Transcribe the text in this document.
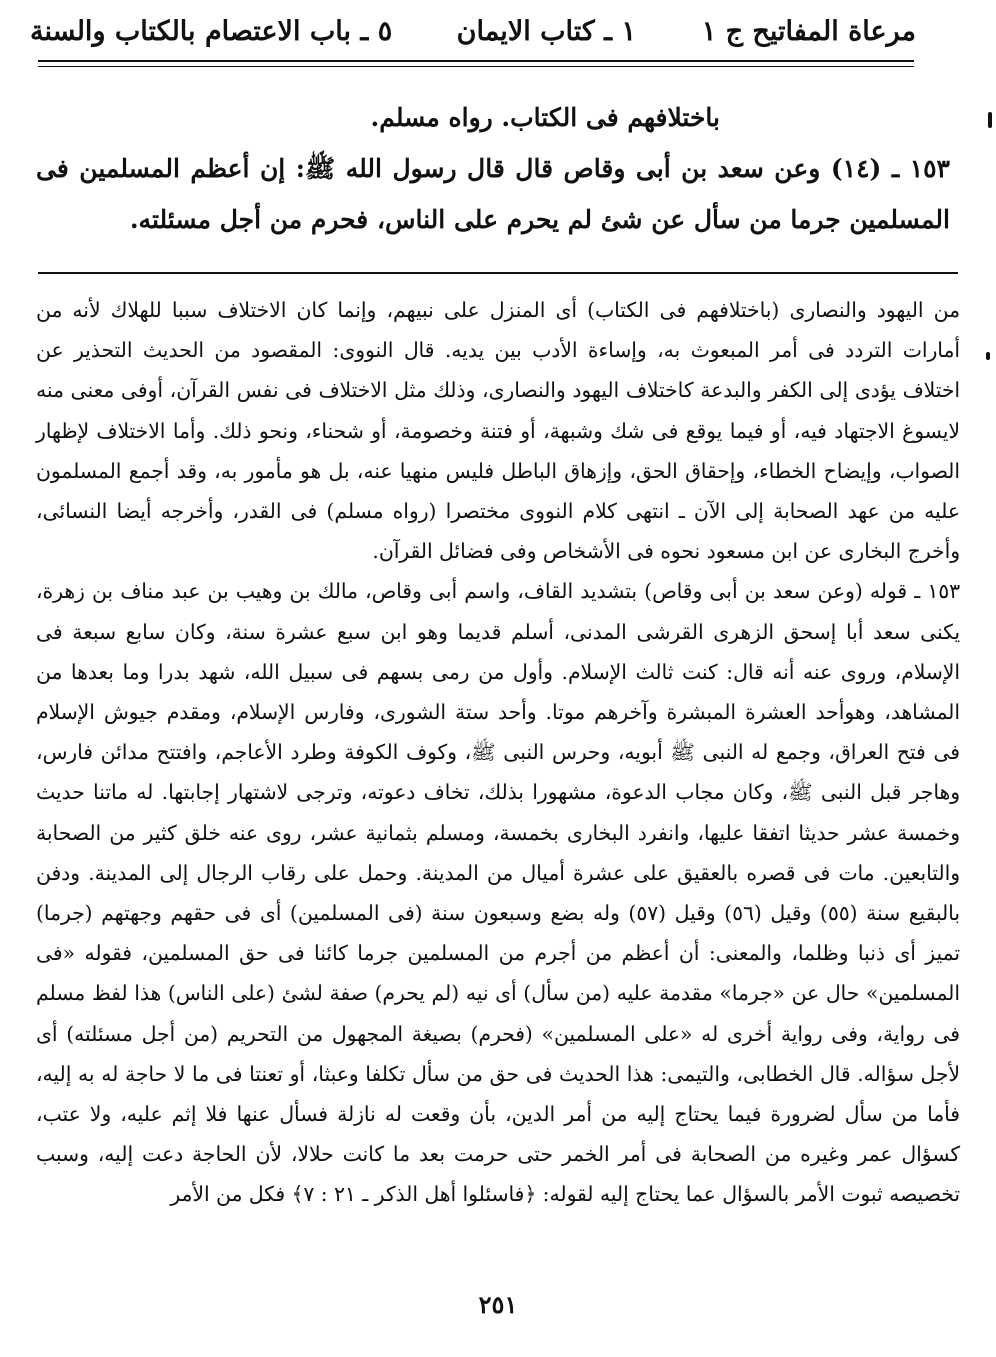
مرعاة المفاتيح ج ١
١ ـ كتاب الايمان
٥ ـ باب الاعتصام بالكتاب والسنة

باختلافهم فى الكتاب. رواه مسلم.

١٥٣ ـ (١٤) وعن سعد بن أبى وقاص قال قال رسول الله ﷺ: إن أعظم المسلمين فى المسلمين جرما من سأل عن شئ لم يحرم على الناس، فحرم من أجل مسئلته.

من اليهود والنصارى (باختلافهم فى الكتاب) أى المنزل على نبيهم، وإنما كان الاختلاف سببا للهلاك لأنه من أمارات التردد فى أمر المبعوث به، وإساءة الأدب بين يديه. قال النووى: المقصود من الحديث التحذير عن اختلاف يؤدى إلى الكفر والبدعة كاختلاف اليهود والنصارى، وذلك مثل الاختلاف فى نفس القرآن، أوفى معنى منه لايسوغ الاجتهاد فيه، أو فيما يوقع فى شك وشبهة، أو فتنة وخصومة، أو شحناء، ونحو ذلك. وأما الاختلاف لإظهار الصواب، وإيضاح الخطاء، وإحقاق الحق، وإزهاق الباطل فليس منهيا عنه، بل هو مأمور به، وقد أجمع المسلمون عليه من عهد الصحابة إلى الآن ـ انتهى كلام النووى مختصرا (رواه مسلم) فى القدر، وأخرجه أيضا النسائى، وأخرج البخارى عن ابن مسعود نحوه فى الأشخاص وفى فضائل القرآن.

١٥٣ ـ قوله (وعن سعد بن أبى وقاص) بتشديد القاف، واسم أبى وقاص، مالك بن وهيب بن عبد مناف بن زهرة، يكنى سعد أبا إسحق الزهرى القرشى المدنى، أسلم قديما وهو ابن سبع عشرة سنة، وكان سابع سبعة فى الإسلام، وروى عنه أنه قال: كنت ثالث الإسلام. وأول من رمى بسهم فى سبيل الله، شهد بدرا وما بعدها من المشاهد، وهوأحد العشرة المبشرة وآخرهم موتا. وأحد ستة الشورى، وفارس الإسلام، ومقدم جيوش الإسلام فى فتح العراق، وجمع له النبى ﷺ أبويه، وحرس النبى ﷺ، وكوف الكوفة وطرد الأعاجم، وافتتح مدائن فارس، وهاجر قبل النبى ﷺ، وكان مجاب الدعوة، مشهورا بذلك، تخاف دعوته، وترجى لاشتهار إجابتها. له ماتنا حديث وخمسة عشر حديثا اتفقا عليها، وانفرد البخارى بخمسة، ومسلم بثمانية عشر، روى عنه خلق كثير من الصحابة والتابعين. مات فى قصره بالعقيق على عشرة أميال من المدينة. وحمل على رقاب الرجال إلى المدينة. ودفن بالبقيع سنة (٥٥) وقيل (٥٦) وقيل (٥٧) وله بضع وسبعون سنة (فى المسلمين) أى فى حقهم وجهتهم (جرما) تميز أى ذنبا وظلما، والمعنى: أن أعظم من أجرم من المسلمين جرما كائنا فى حق المسلمين، فقوله «فى المسلمين» حال عن «جرما» مقدمة عليه (من سأل) أى نيه (لم يحرم) صفة لشئ (على الناس) هذا لفظ مسلم فى رواية، وفى رواية أخرى له «على المسلمين» (فحرم) بصيغة المجهول من التحريم (من أجل مسئلته) أى لأجل سؤاله. قال الخطابى، والتيمى: هذا الحديث فى حق من سأل تكلفا وعبثا، أو تعنتا فى ما لا حاجة له به إليه، فأما من سأل لضرورة فيما يحتاج إليه من أمر الدين، بأن وقعت له نازلة فسأل عنها فلا إثم عليه، ولا عتب، كسؤال عمر وغيره من الصحابة فى أمر الخمر حتى حرمت بعد ما كانت حلالا، لأن الحاجة دعت إليه، وسبب تخصيصه ثبوت الأمر بالسؤال عما يحتاج إليه لقوله: ﴿فاسئلوا أهل الذكر ـ ٢١ : ٧﴾ فكل من الأمر

٢٥١
